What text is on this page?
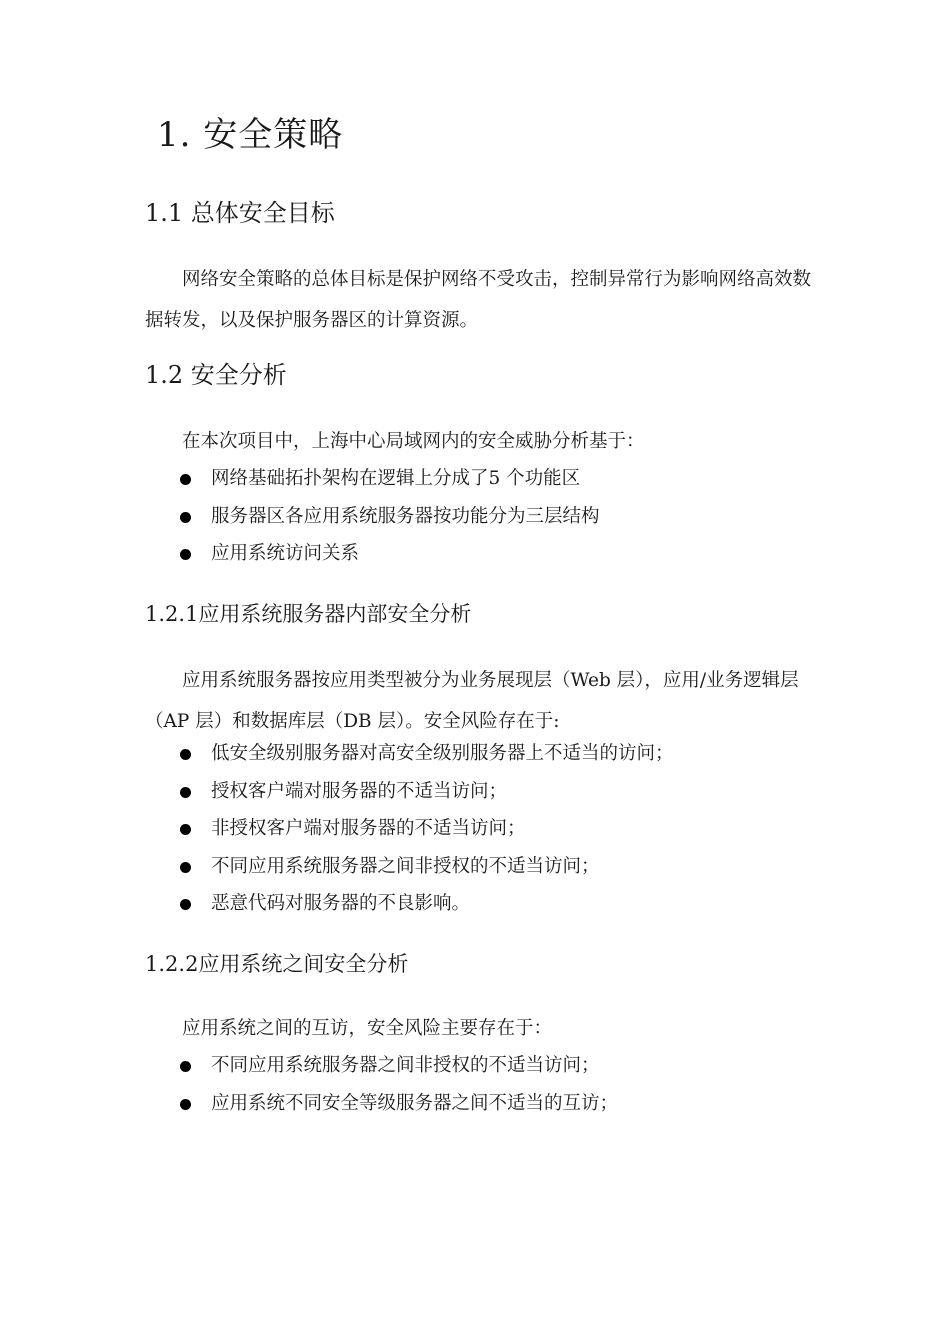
1. 安全策略
1.1 总体安全目标

网络安全策略的总体目标是保护网络不受攻击，控制异常行为影响网络高效数据转发，以及保护服务器区的计算资源。

1.2 安全分析

在本次项目中，上海中心局域网内的安全威胁分析基于：

网络基础拓扑架构在逻辑上分成了5 个功能区
服务器区各应用系统服务器按功能分为三层结构
应用系统访问关系
1.2.1应用系统服务器内部安全分析

应用系统服务器按应用类型被分为业务展现层（Web 层），应用/业务逻辑层（AP 层）和数据库层（DB 层）。安全风险存在于:

低安全级别服务器对高安全级别服务器上不适当的访问；
授权客户端对服务器的不适当访问；
非授权客户端对服务器的不适当访问；
不同应用系统服务器之间非授权的不适当访问；
恶意代码对服务器的不良影响。
1.2.2应用系统之间安全分析

应用系统之间的互访，安全风险主要存在于：

不同应用系统服务器之间非授权的不适当访问；
应用系统不同安全等级服务器之间不适当的互访；
